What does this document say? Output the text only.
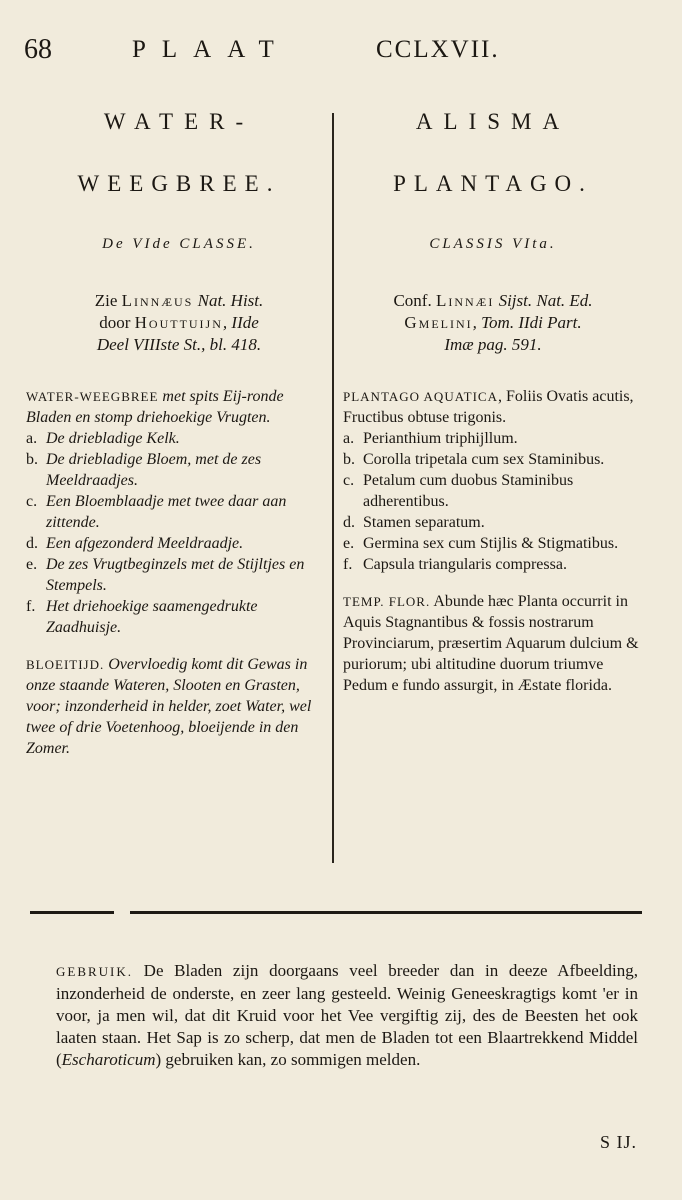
68	PLAAT	CCLXVII.
WATER-
WEEGBREE.
De VIde CLASSE.
Zie Linnæus Nat. Hist.
door Houttuijn, IIde
Deel VIIIste St., bl. 418.
WATER-WEEGBREE met spits Eij-ronde Bladen en stomp driehoekige Vrugten.
a. De driebladige Kelk.
b. De driebladige Bloem, met de zes Meeldraadjes.
c. Een Bloemblaadje met twee daar aan zittende.
d. Een afgezonderd Meeldraadje.
e. De zes Vrugtbeginzels met de Stijltjes en Stempels.
f. Het driehoekige saamengedrukte Zaadhuisje.
BLOEITIJD. Overvloedig komt dit Gewas in onze staande Wateren, Slooten en Grasten, voor; inzonderheid in helder, zoet Water, wel twee of drie Voetenhoog, bloeijende in den Zomer.
ALISMA
PLANTAGO.
CLASSIS VIta.
Conf. Linnæi Sijst. Nat. Ed.
Gmelini, Tom. IIdi Part.
Imæ pag. 591.
PLANTAGO AQUATICA, Foliis Ovatis acutis, Fructibus obtuse trigonis.
a. Perianthium triphijllum.
b. Corolla tripetala cum sex Staminibus.
c. Petalum cum duobus Staminibus adherentibus.
d. Stamen separatum.
e. Germina sex cum Stijlis & Stigmatibus.
f. Capsula triangularis compressa.
TEMP. FLOR. Abunde hæc Planta occurrit in Aquis Stagnantibus & fossis nostrarum Provinciarum, præsertim Aquarum dulcium & puriorum; ubi altitudine duorum triumve Pedum e fundo assurgit, in Æstate florida.
GEBRUIK. De Bladen zijn doorgaans veel breeder dan in deeze Afbeelding, inzonderheid de onderste, en zeer lang gesteeld. Weinig Geneeskragtigs komt 'er in voor, ja men wil, dat dit Kruid voor het Vee vergiftig zij, des de Beesten het ook laaten staan. Het Sap is zo scherp, dat men de Bladen tot een Blaartrekkend Middel (Escharoticum) gebruiken kan, zo sommigen melden.
S IJ.
